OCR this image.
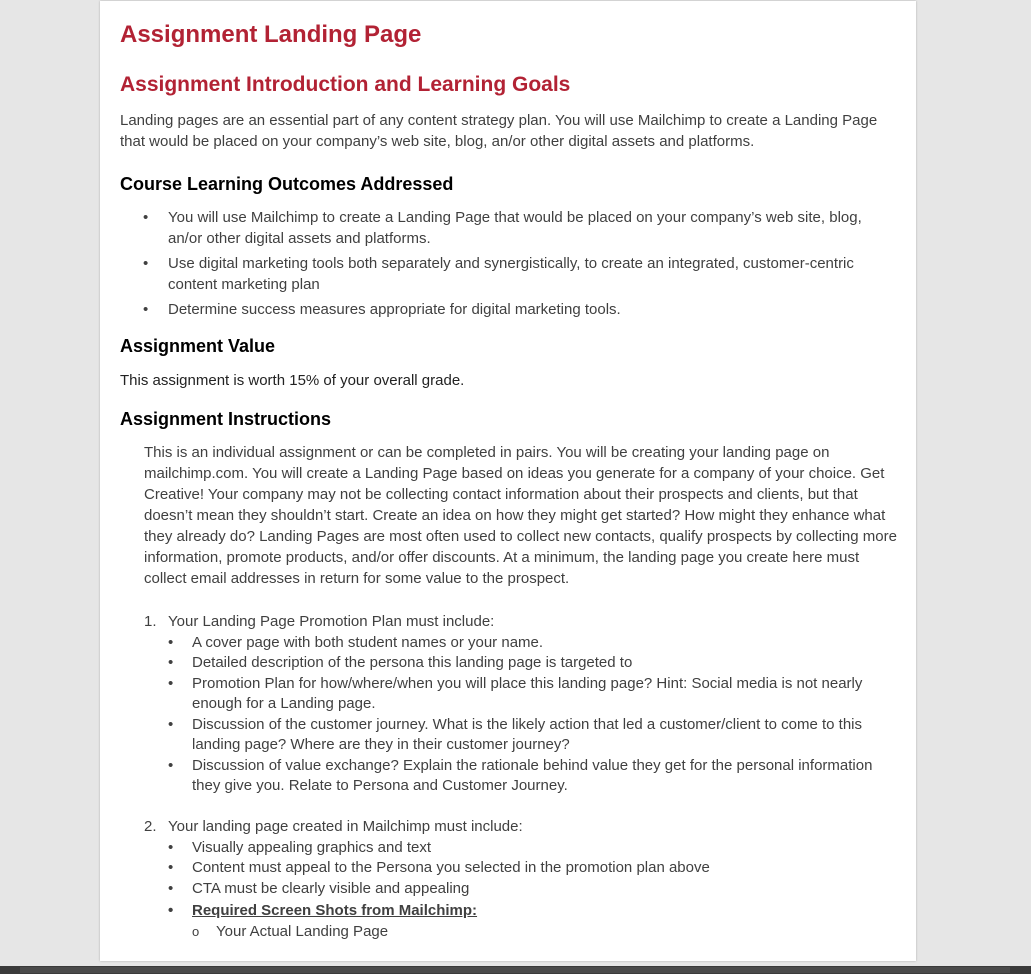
Assignment Landing Page
Assignment Introduction and Learning Goals

Landing pages are an essential part of any content strategy plan. You will use Mailchimp to create a Landing Page that would be placed on your company’s web site, blog, an/or other digital assets and platforms.

Course Learning Outcomes Addressed
• You will use Mailchimp to create a Landing Page that would be placed on your company’s web site, blog, an/or other digital assets and platforms.
• Use digital marketing tools both separately and synergistically, to create an integrated, customer-centric content marketing plan
• Determine success measures appropriate for digital marketing tools.
Assignment Value

This assignment is worth 15% of your overall grade.

Assignment Instructions

This is an individual assignment or can be completed in pairs. You will be creating your landing page on mailchimp.com. You will create a Landing Page based on ideas you generate for a company of your choice. Get Creative! Your company may not be collecting contact information about their prospects and clients, but that doesn’t mean they shouldn’t start. Create an idea on how they might get started? How might they enhance what they already do? Landing Pages are most often used to collect new contacts, qualify prospects by collecting more information, promote products, and/or offer discounts. At a minimum, the landing page you create here must collect email addresses in return for some value to the prospect.

1. Your Landing Page Promotion Plan must include:
• A cover page with both student names or your name.
• Detailed description of the persona this landing page is targeted to
• Promotion Plan for how/where/when you will place this landing page? Hint: Social media is not nearly enough for a Landing page.
• Discussion of the customer journey. What is the likely action that led a customer/client to come to this landing page? Where are they in their customer journey?
• Discussion of value exchange? Explain the rationale behind value they get for the personal information they give you. Relate to Persona and Customer Journey.
2. Your landing page created in Mailchimp must include:
• Visually appealing graphics and text
• Content must appeal to the Persona you selected in the promotion plan above
• CTA must be clearly visible and appealing
• Required Screen Shots from Mailchimp:
o Your Actual Landing Page
